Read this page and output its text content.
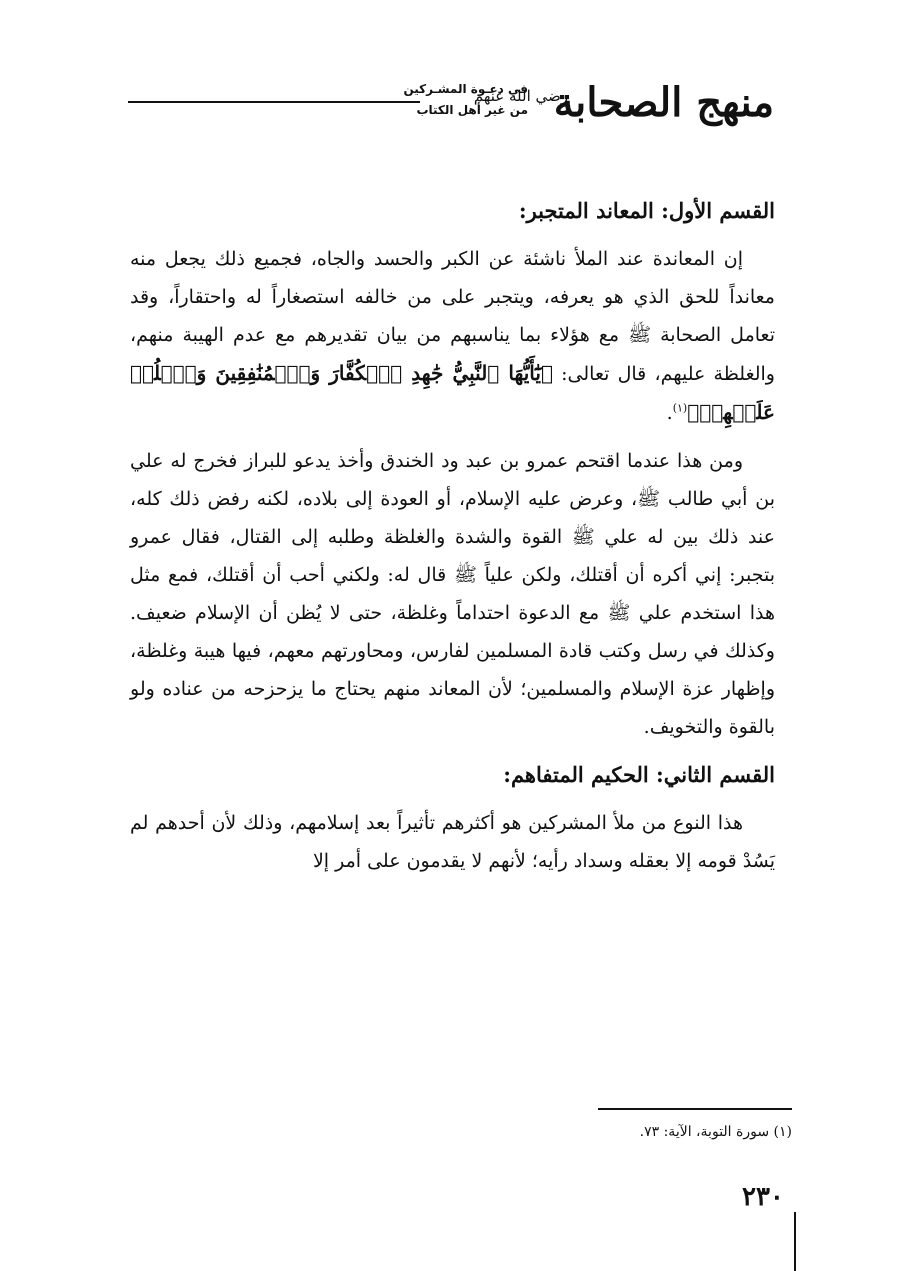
منهج الصحابة
رضي الله عنهم
في دعـوة المشـركين
من غير أهل الكتاب
القسم الأول: المعاند المتجبر:

إن المعاندة عند الملأ ناشئة عن الكبر والحسد والجاه، فجميع ذلك يجعل منه معانداً للحق الذي هو يعرفه، ويتجبر على من خالفه استصغاراً له واحتقاراً، وقد تعامل الصحابة ﷺ مع هؤلاء بما يناسبهم من بيان تقديرهم مع عدم الهيبة منهم، والغلظة عليهم، قال تعالى: ﴿يَٰٓأَيُّهَا ٱلنَّبِيُّ جَٰهِدِ ٱلۡكُفَّارَ وَٱلۡمُنَٰفِقِينَ وَٱغۡلُظۡ عَلَيۡهِمۡ﴾$^{(١)}$.

ومن هذا عندما اقتحم عمرو بن عبد ود الخندق وأخذ يدعو للبراز فخرج له علي بن أبي طالب ﷺ، وعرض عليه الإسلام، أو العودة إلى بلاده، لكنه رفض ذلك كله، عند ذلك بين له علي ﷺ القوة والشدة والغلظة وطلبه إلى القتال، فقال عمرو بتجبر: إني أكره أن أقتلك، ولكن علياً ﷺ قال له: ولكني أحب أن أقتلك، فمع مثل هذا استخدم علي ﷺ مع الدعوة احتداماً وغلظة، حتى لا يُظن أن الإسلام ضعيف. وكذلك في رسل وكتب قادة المسلمين لفارس، ومحاورتهم معهم، فيها هيبة وغلظة، وإظهار عزة الإسلام والمسلمين؛ لأن المعاند منهم يحتاج ما يزحزحه من عناده ولو بالقوة والتخويف.

القسم الثاني: الحكيم المتفاهم:

هذا النوع من ملأ المشركين هو أكثرهم تأثيراً بعد إسلامهم، وذلك لأن أحدهم لم يَسُدْ قومه إلا بعقله وسداد رأيه؛ لأنهم لا يقدمون على أمر إلا

(١) سورة التوبة، الآية: ٧٣.
٢٣٠
